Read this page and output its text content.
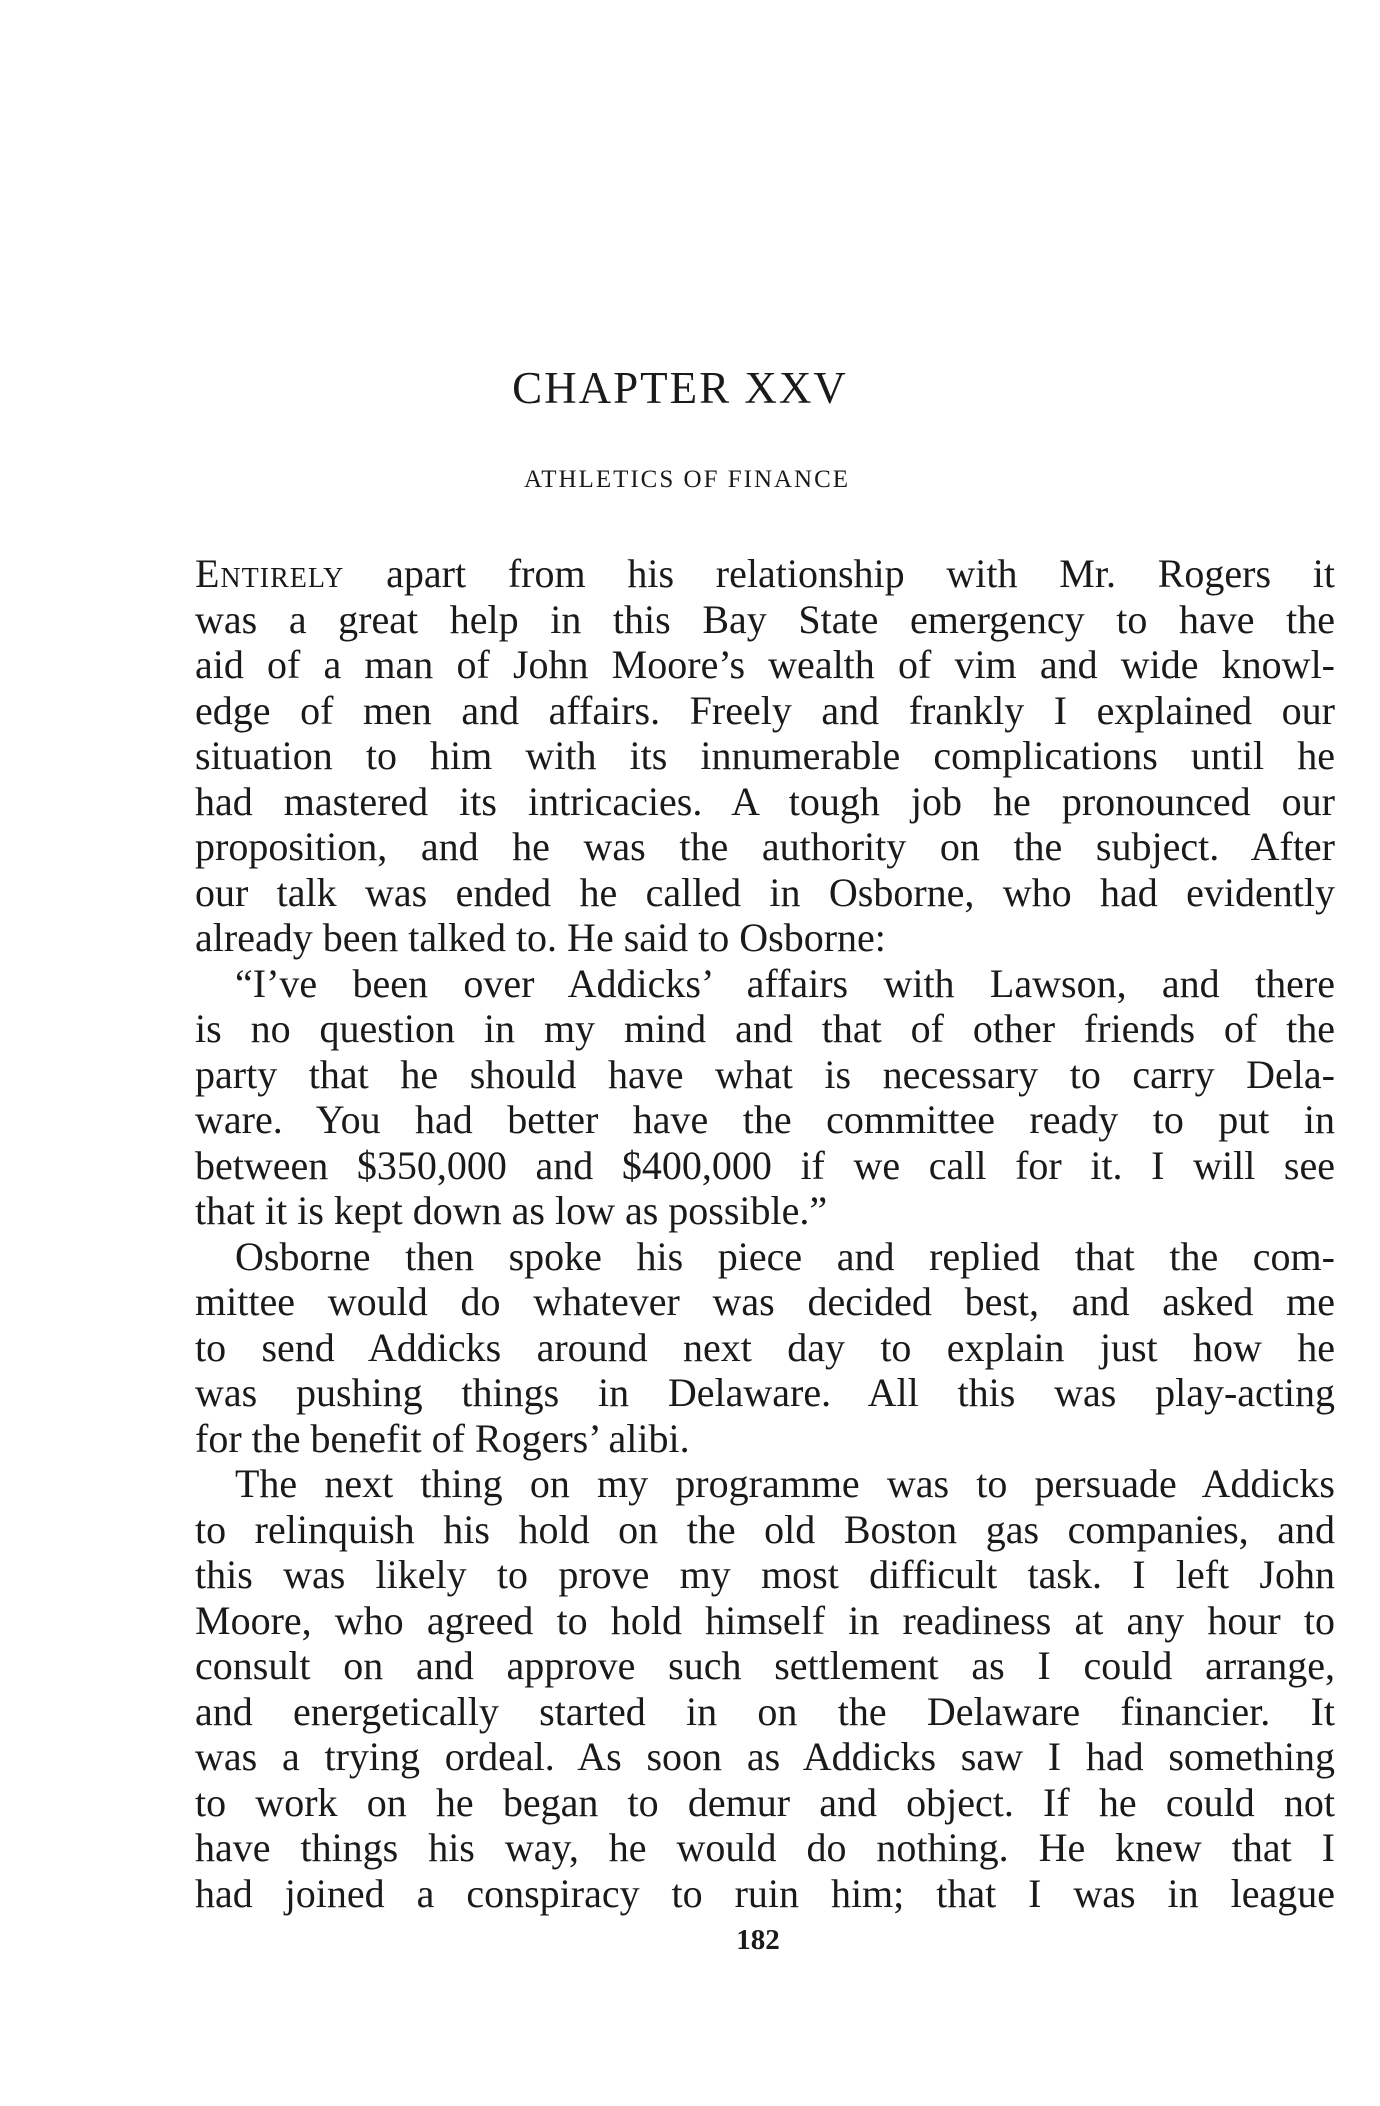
CHAPTER XXV
ATHLETICS OF FINANCE
Entirely apart from his relationship with Mr. Rogers it
was a great help in this Bay State emergency to have the
aid of a man of John Moore’s wealth of vim and wide knowl-
edge of men and affairs. Freely and frankly I explained our
situation to him with its innumerable complications until he
had mastered its intricacies. A tough job he pronounced our
proposition, and he was the authority on the subject. After
our talk was ended he called in Osborne, who had evidently
already been talked to. He said to Osborne:
“I’ve been over Addicks’ affairs with Lawson, and there
is no question in my mind and that of other friends of the
party that he should have what is necessary to carry Dela-
ware. You had better have the committee ready to put in
between $350,000 and $400,000 if we call for it. I will see
that it is kept down as low as possible.”
Osborne then spoke his piece and replied that the com-
mittee would do whatever was decided best, and asked me
to send Addicks around next day to explain just how he
was pushing things in Delaware. All this was play-acting
for the benefit of Rogers’ alibi.
The next thing on my programme was to persuade Addicks
to relinquish his hold on the old Boston gas companies, and
this was likely to prove my most difficult task. I left John
Moore, who agreed to hold himself in readiness at any hour to
consult on and approve such settlement as I could arrange,
and energetically started in on the Delaware financier. It
was a trying ordeal. As soon as Addicks saw I had something
to work on he began to demur and object. If he could not
have things his way, he would do nothing. He knew that I
had joined a conspiracy to ruin him; that I was in league
182
